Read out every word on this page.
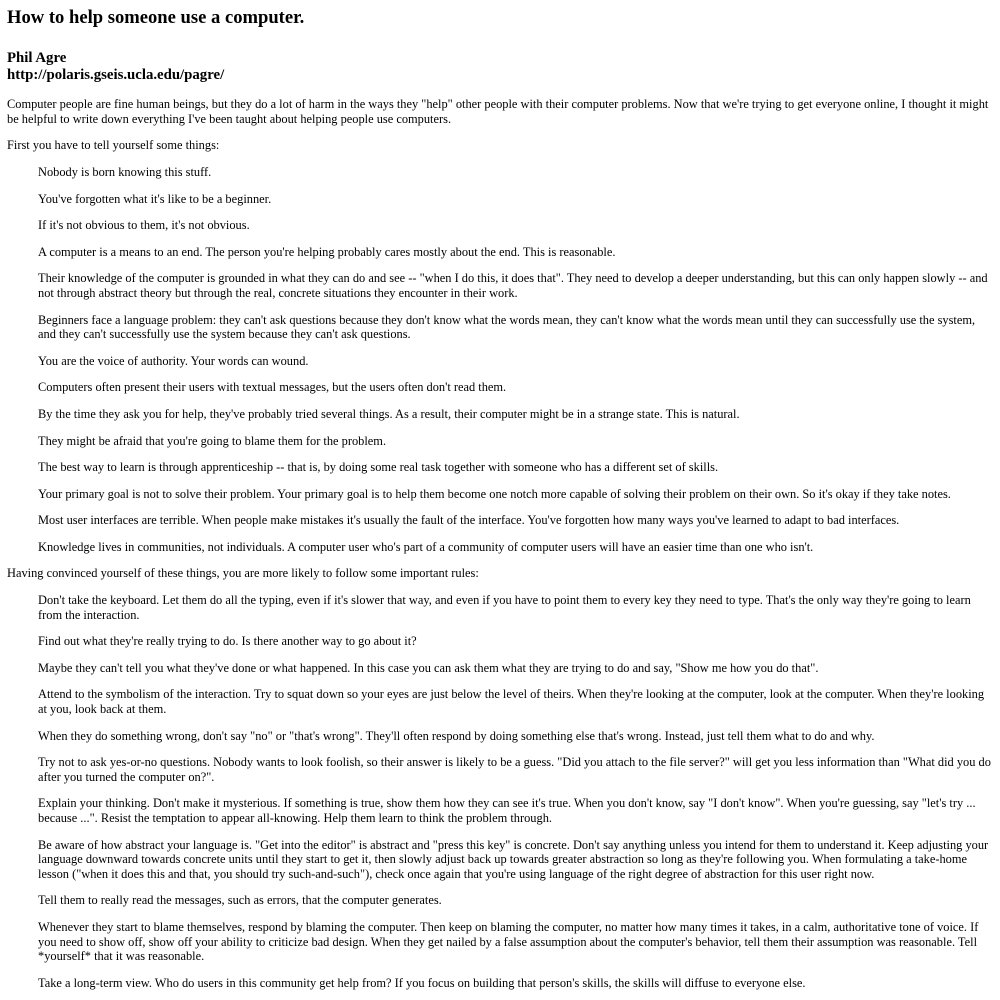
How to help someone use a computer.
Phil Agre
http://polaris.gseis.ucla.edu/pagre/

Computer people are fine human beings, but they do a lot of harm in the ways they "help" other people with their computer problems. Now that we're trying to get everyone online, I thought it might be helpful to write down everything I've been taught about helping people use computers.

First you have to tell yourself some things:

Nobody is born knowing this stuff.

You've forgotten what it's like to be a beginner.

If it's not obvious to them, it's not obvious.

A computer is a means to an end. The person you're helping probably cares mostly about the end. This is reasonable.

Their knowledge of the computer is grounded in what they can do and see -- "when I do this, it does that". They need to develop a deeper understanding, but this can only happen slowly -- and not through abstract theory but through the real, concrete situations they encounter in their work.

Beginners face a language problem: they can't ask questions because they don't know what the words mean, they can't know what the words mean until they can successfully use the system, and they can't successfully use the system because they can't ask questions.

You are the voice of authority. Your words can wound.

Computers often present their users with textual messages, but the users often don't read them.

By the time they ask you for help, they've probably tried several things. As a result, their computer might be in a strange state. This is natural.

They might be afraid that you're going to blame them for the problem.

The best way to learn is through apprenticeship -- that is, by doing some real task together with someone who has a different set of skills.

Your primary goal is not to solve their problem. Your primary goal is to help them become one notch more capable of solving their problem on their own. So it's okay if they take notes.

Most user interfaces are terrible. When people make mistakes it's usually the fault of the interface. You've forgotten how many ways you've learned to adapt to bad interfaces.

Knowledge lives in communities, not individuals. A computer user who's part of a community of computer users will have an easier time than one who isn't.

Having convinced yourself of these things, you are more likely to follow some important rules:

Don't take the keyboard. Let them do all the typing, even if it's slower that way, and even if you have to point them to every key they need to type. That's the only way they're going to learn from the interaction.

Find out what they're really trying to do. Is there another way to go about it?

Maybe they can't tell you what they've done or what happened. In this case you can ask them what they are trying to do and say, "Show me how you do that".

Attend to the symbolism of the interaction. Try to squat down so your eyes are just below the level of theirs. When they're looking at the computer, look at the computer. When they're looking at you, look back at them.

When they do something wrong, don't say "no" or "that's wrong". They'll often respond by doing something else that's wrong. Instead, just tell them what to do and why.

Try not to ask yes-or-no questions. Nobody wants to look foolish, so their answer is likely to be a guess. "Did you attach to the file server?" will get you less information than "What did you do after you turned the computer on?".

Explain your thinking. Don't make it mysterious. If something is true, show them how they can see it's true. When you don't know, say "I don't know". When you're guessing, say "let's try ... because ...". Resist the temptation to appear all-knowing. Help them learn to think the problem through.

Be aware of how abstract your language is. "Get into the editor" is abstract and "press this key" is concrete. Don't say anything unless you intend for them to understand it. Keep adjusting your language downward towards concrete units until they start to get it, then slowly adjust back up towards greater abstraction so long as they're following you. When formulating a take-home lesson ("when it does this and that, you should try such-and-such"), check once again that you're using language of the right degree of abstraction for this user right now.

Tell them to really read the messages, such as errors, that the computer generates.

Whenever they start to blame themselves, respond by blaming the computer. Then keep on blaming the computer, no matter how many times it takes, in a calm, authoritative tone of voice. If you need to show off, show off your ability to criticize bad design. When they get nailed by a false assumption about the computer's behavior, tell them their assumption was reasonable. Tell *yourself* that it was reasonable.

Take a long-term view. Who do users in this community get help from? If you focus on building that person's skills, the skills will diffuse to everyone else.
